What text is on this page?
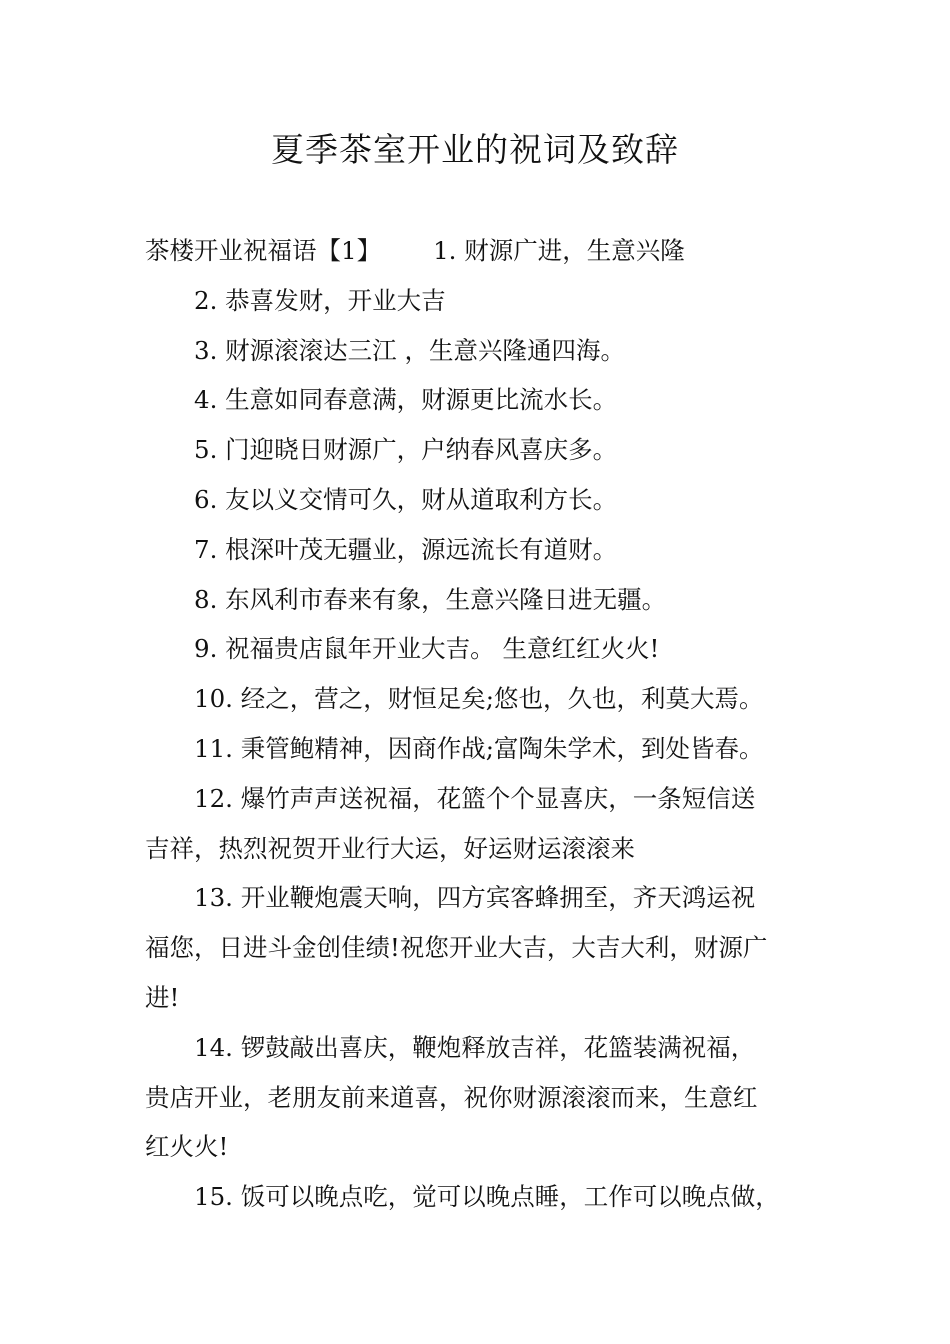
夏季茶室开业的祝词及致辞
茶楼开业祝福语【1】 1. 财源广进，生意兴隆
2. 恭喜发财，开业大吉
3. 财源滚滚达三江 ，生意兴隆通四海。
4. 生意如同春意满，财源更比流水长。
5. 门迎晓日财源广，户纳春风喜庆多。
6. 友以义交情可久，财从道取利方长。
7. 根深叶茂无疆业，源远流长有道财。
8. 东风利市春来有象，生意兴隆日进无疆。
9. 祝福贵店鼠年开业大吉。 生意红红火火!
10. 经之，营之，财恒足矣;悠也，久也，利莫大焉。
11. 秉管鲍精神，因商作战;富陶朱学术，到处皆春。
12. 爆竹声声送祝福，花篮个个显喜庆，一条短信送
吉祥，热烈祝贺开业行大运，好运财运滚滚来
13. 开业鞭炮震天响，四方宾客蜂拥至，齐天鸿运祝
福您，日进斗金创佳绩!祝您开业大吉，大吉大利，财源广
进!
14. 锣鼓敲出喜庆，鞭炮释放吉祥，花篮装满祝福，
贵店开业，老朋友前来道喜，祝你财源滚滚而来，生意红
红火火!
15. 饭可以晚点吃，觉可以晚点睡，工作可以晚点做，
